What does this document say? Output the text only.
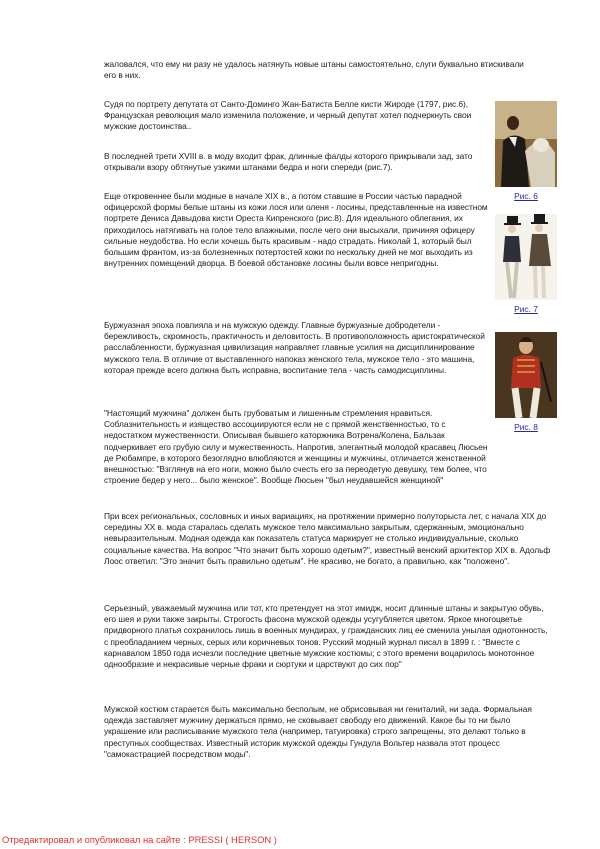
жаловался, что ему ни разу не удалось натянуть новые штаны самостоятельно, слуги буквально втискивали его в них.

Судя по портрету депутата от Санто-Доминго Жан-Батиста Белле кисти Жироде (1797, рис.6), Французская революция мало изменила положение, и черный депутат хотел подчеркнуть свои мужские достоинства..

В последней трети XVIII в. в моду входит фрак, длинные фалды которого прикрывали зад, зато открывали взору обтянутые узкими штанами бедра и ноги спереди (рис.7).

Еще откровеннее были модные в начале XIX в., а потом ставшие в России частью парадной офицерской формы белые штаны из кожи лося или оленя - лосины, представленные на известном портрете Дениса Давыдова кисти Ореста Кипренского (рис.8). Для идеального облегания, их приходилось натягивать на голое тело влажными, после чего они высыхали, причиняя офицеру сильные неудобства. Но если хочешь быть красивым - надо страдать. Николай 1, который был большим франтом, из-за болезненных потертостей кожи по нескольку дней не мог выходить из внутренних помещений дворца. В боевой обстановке лосины были вовсе непригодны.

Буржуазная эпоха повлияла и на мужскую одежду. Главные буржуазные добродетели - бережливость, скромность, практичность и деловитость. В противоположность аристократической расслабленности, буржуазная цивилизация направляет главные усилия на дисциплинирование мужского тела. В отличие от выставленного напоказ женского тела, мужское тело - это машина, которая прежде всего должна быть исправна, воспитание тела - часть самодисциплины.

"Настоящий мужчина" должен быть грубоватым и лишенным стремления нравиться. Соблазнительность и изящество ассоциируются если не с прямой женственностью, то с недостатком мужественности. Описывая бывшего каторжника Вотрена/Колена, Бальзак подчеркивает его грубую силу и мужественность. Напротив, элегантный молодой красавец Люсьен де Рюбампре, в которого безоглядно влюбляются и женщины и мужчины, отличается женственной внешностью: "Взглянув на его ноги, можно было счесть его за переодетую девушку, тем более, что строение бедер у него... было женское". Вообще Люсьен "был неудавшейся женщиной"

При всех региональных, сословных и иных вариациях, на протяжении примерно полуторыста лет, с начала XIX до середины XX в. мода старалась сделать мужское тело максимально закрытым, сдержанным, эмоционально невыразительным. Модная одежда как показатель статуса маркирует не столько индивидуальные, сколько социальные качества. На вопрос "Что значит быть хорошо одетым?", известный венский архитектор XIX в. Адольф Лоос ответил: "Это значит быть правильно одетым". Не красиво, не богато, а правильно, как "положено".

Серьезный, уважаемый мужчина или тот, кто претендует на этот имидж, носит длинные штаны и закрытую обувь, его шея и руки также закрыты. Строгость фасона мужской одежды усугубляется цветом. Яркое многоцветье придворного платья сохранилось лишь в военных мундирах, у гражданских лиц ее сменила унылая однотонность, с преобладанием черных, серых или коричневых тонов. Русский модный журнал писал в 1899 г. : "Вместе с карнавалом 1850 года исчезли последние цветные мужские костюмы; с этого времени воцарилось монотонное однообразие и некрасивые черные фраки и сюртуки и царствуют до сих пор"

Мужской костюм старается быть максимально бесполым, не обрисовывая ни гениталий, ни зада. Формальная одежда заставляет мужчину держаться прямо, не сковывает свободу его движений. Какое бы то ни было украшение или расписывание мужского тела (например, татуировка) строго запрещены, это делают только в преступных сообществах. Известный историк мужской одежды Гундула Вольтер назвала этот процесс "самокастрацией посредством моды".

Рис. 6
Рис. 7
Рис. 8
Отредактировал и опубликовал на сайте : PRESSI ( HERSON )
